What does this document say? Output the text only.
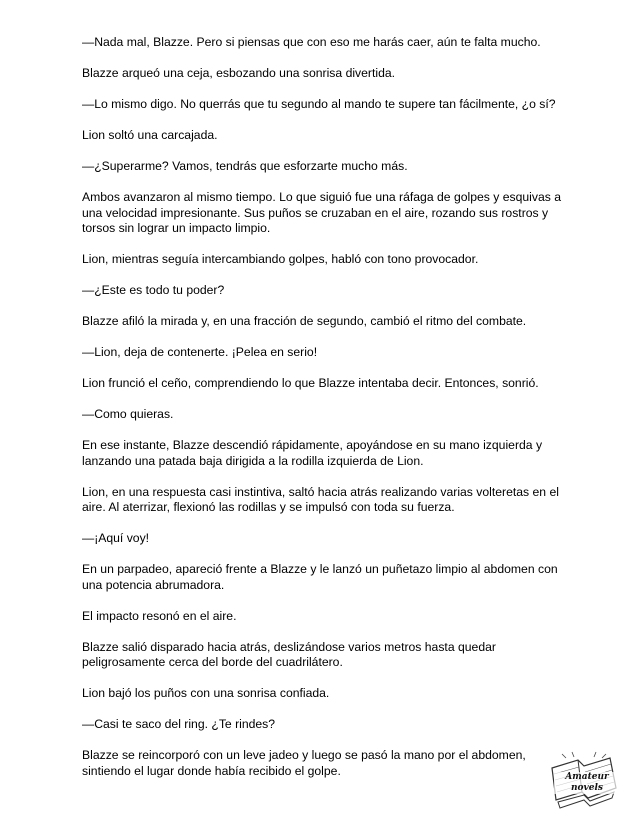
—Nada mal, Blazze. Pero si piensas que con eso me harás caer, aún te falta mucho.

Blazze arqueó una ceja, esbozando una sonrisa divertida.

—Lo mismo digo. No querrás que tu segundo al mando te supere tan fácilmente, ¿o sí?

Lion soltó una carcajada.

—¿Superarme? Vamos, tendrás que esforzarte mucho más.

Ambos avanzaron al mismo tiempo. Lo que siguió fue una ráfaga de golpes y esquivas a una velocidad impresionante. Sus puños se cruzaban en el aire, rozando sus rostros y torsos sin lograr un impacto limpio.

Lion, mientras seguía intercambiando golpes, habló con tono provocador.

—¿Este es todo tu poder?

Blazze afiló la mirada y, en una fracción de segundo, cambió el ritmo del combate.

—Lion, deja de contenerte. ¡Pelea en serio!

Lion frunció el ceño, comprendiendo lo que Blazze intentaba decir. Entonces, sonrió.

—Como quieras.

En ese instante, Blazze descendió rápidamente, apoyándose en su mano izquierda y lanzando una patada baja dirigida a la rodilla izquierda de Lion.

Lion, en una respuesta casi instintiva, saltó hacia atrás realizando varias volteretas en el aire. Al aterrizar, flexionó las rodillas y se impulsó con toda su fuerza.

—¡Aquí voy!

En un parpadeo, apareció frente a Blazze y le lanzó un puñetazo limpio al abdomen con una potencia abrumadora.

El impacto resonó en el aire.

Blazze salió disparado hacia atrás, deslizándose varios metros hasta quedar peligrosamente cerca del borde del cuadrilátero.

Lion bajó los puños con una sonrisa confiada.

—Casi te saco del ring. ¿Te rindes?

Blazze se reincorporó con un leve jadeo y luego se pasó la mano por el abdomen, sintiendo el lugar donde había recibido el golpe.	Amateur novels
